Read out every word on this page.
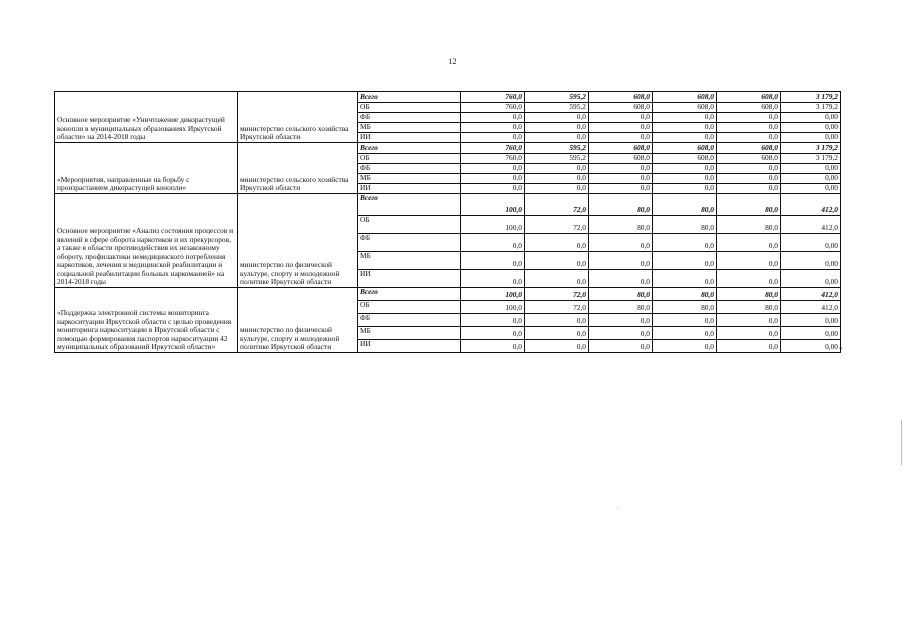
12
Основное мероприятие «Уничтожение дикорастущей конопли в муниципальных образованиях Иркутской области» на 2014-2018 годы	министерство сельского хозяйства Иркутской области	Всего	760,0	595,2	608,0	608,0	608,0	3 179,2
		ОБ	760,0	595,2	608,0	608,0	608,0	3 179,2
		ФБ	0,0	0,0	0,0	0,0	0,0	0,00
		МБ	0,0	0,0	0,0	0,0	0,0	0,00
		ИИ	0,0	0,0	0,0	0,0	0,0	0,00
«Мероприятия, направленные на борьбу с произрастанием дикорастущей конопли»	министерство сельского хозяйства Иркутской области	Всего	760,0	595,2	608,0	608,0	608,0	3 179,2
		ОБ	760,0	595,2	608,0	608,0	608,0	3 179,2
		ФБ	0,0	0,0	0,0	0,0	0,0	0,00
		МБ	0,0	0,0	0,0	0,0	0,0	0,00
		ИИ	0,0	0,0	0,0	0,0	0,0	0,00
Основное мероприятие «Анализ состояния процессов и явлений в сфере оборота наркотиков и их прекурсоров, а также в области противодействия их незаконному обороту, профилактики немедицинского потребления наркотиков, лечения и медицинской реабилитации и социальной реабилитации больных наркоманией» на 2014-2018 годы	министерство по физической культуре, спорту и молодежной политике Иркутской области	Всего	100,0	72,0	80,0	80,0	80,0	412,0
		ОБ	100,0	72,0	80,0	80,0	80,0	412,0
		ФБ	0,0	0,0	0,0	0,0	0,0	0,00
		МБ	0,0	0,0	0,0	0,0	0,0	0,00
		ИИ	0,0	0,0	0,0	0,0	0,0	0,00
«Поддержка электронной системы мониторинга наркоситуации Иркутской области с целью проведения мониторинга наркоситуации в Иркутской области с помощью формирования паспортов наркоситуации 42 муниципальных образований Иркутской области»	министерство по физической культуре, спорту и молодежной политике Иркутской области	Всего	100,0	72,0	80,0	80,0	80,0	412,0
		ОБ	100,0	72,0	80,0	80,0	80,0	412,0
		ФБ	0,0	0,0	0,0	0,0	0,0	0,00
		МБ	0,0	0,0	0,0	0,0	0,0	0,00
		ИИ	0,0	0,0	0,0	0,0	0,0	0,00 *
